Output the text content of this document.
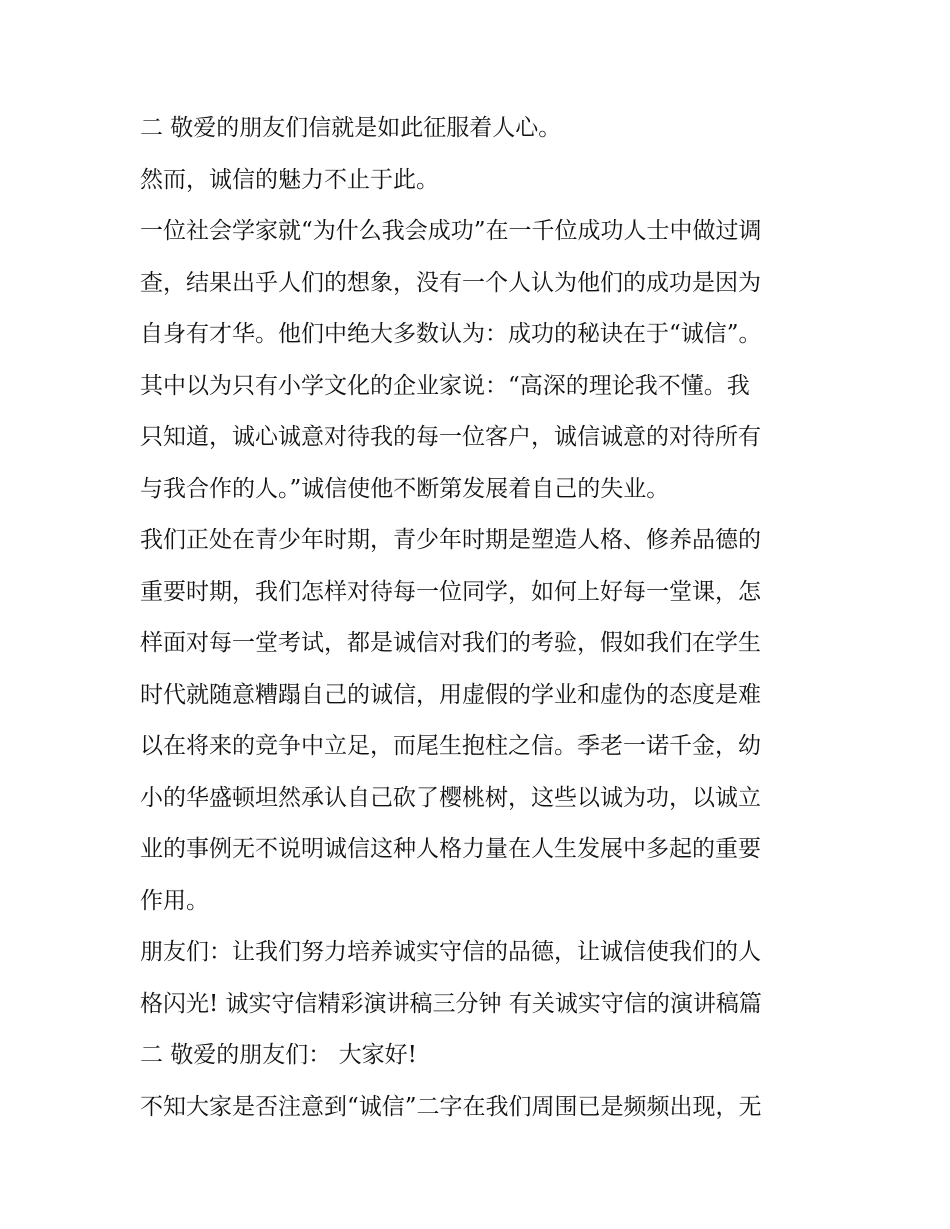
二 敬爱的朋友们信就是如此征服着人心。
然而，诚信的魅力不止于此。
一位社会学家就“为什么我会成功”在一千位成功人士中做过调
查，结果出乎人们的想象，没有一个人认为他们的成功是因为
自身有才华。他们中绝大多数认为：成功的秘诀在于“诚信”。
其中以为只有小学文化的企业家说：“高深的理论我不懂。我
只知道，诚心诚意对待我的每一位客户，诚信诚意的对待所有
与我合作的人。”诚信使他不断第发展着自己的失业。
我们正处在青少年时期，青少年时期是塑造人格、修养品德的
重要时期，我们怎样对待每一位同学，如何上好每一堂课，怎
样面对每一堂考试，都是诚信对我们的考验，假如我们在学生
时代就随意糟蹋自己的诚信，用虚假的学业和虚伪的态度是难
以在将来的竞争中立足，而尾生抱柱之信。季老一诺千金，幼
小的华盛顿坦然承认自己砍了樱桃树，这些以诚为功，以诚立
业的事例无不说明诚信这种人格力量在人生发展中多起的重要
作用。
朋友们：让我们努力培养诚实守信的品德，让诚信使我们的人
格闪光! 诚实守信精彩演讲稿三分钟 有关诚实守信的演讲稿篇
二 敬爱的朋友们： 大家好!
不知大家是否注意到“诚信”二字在我们周围已是频频出现，无
